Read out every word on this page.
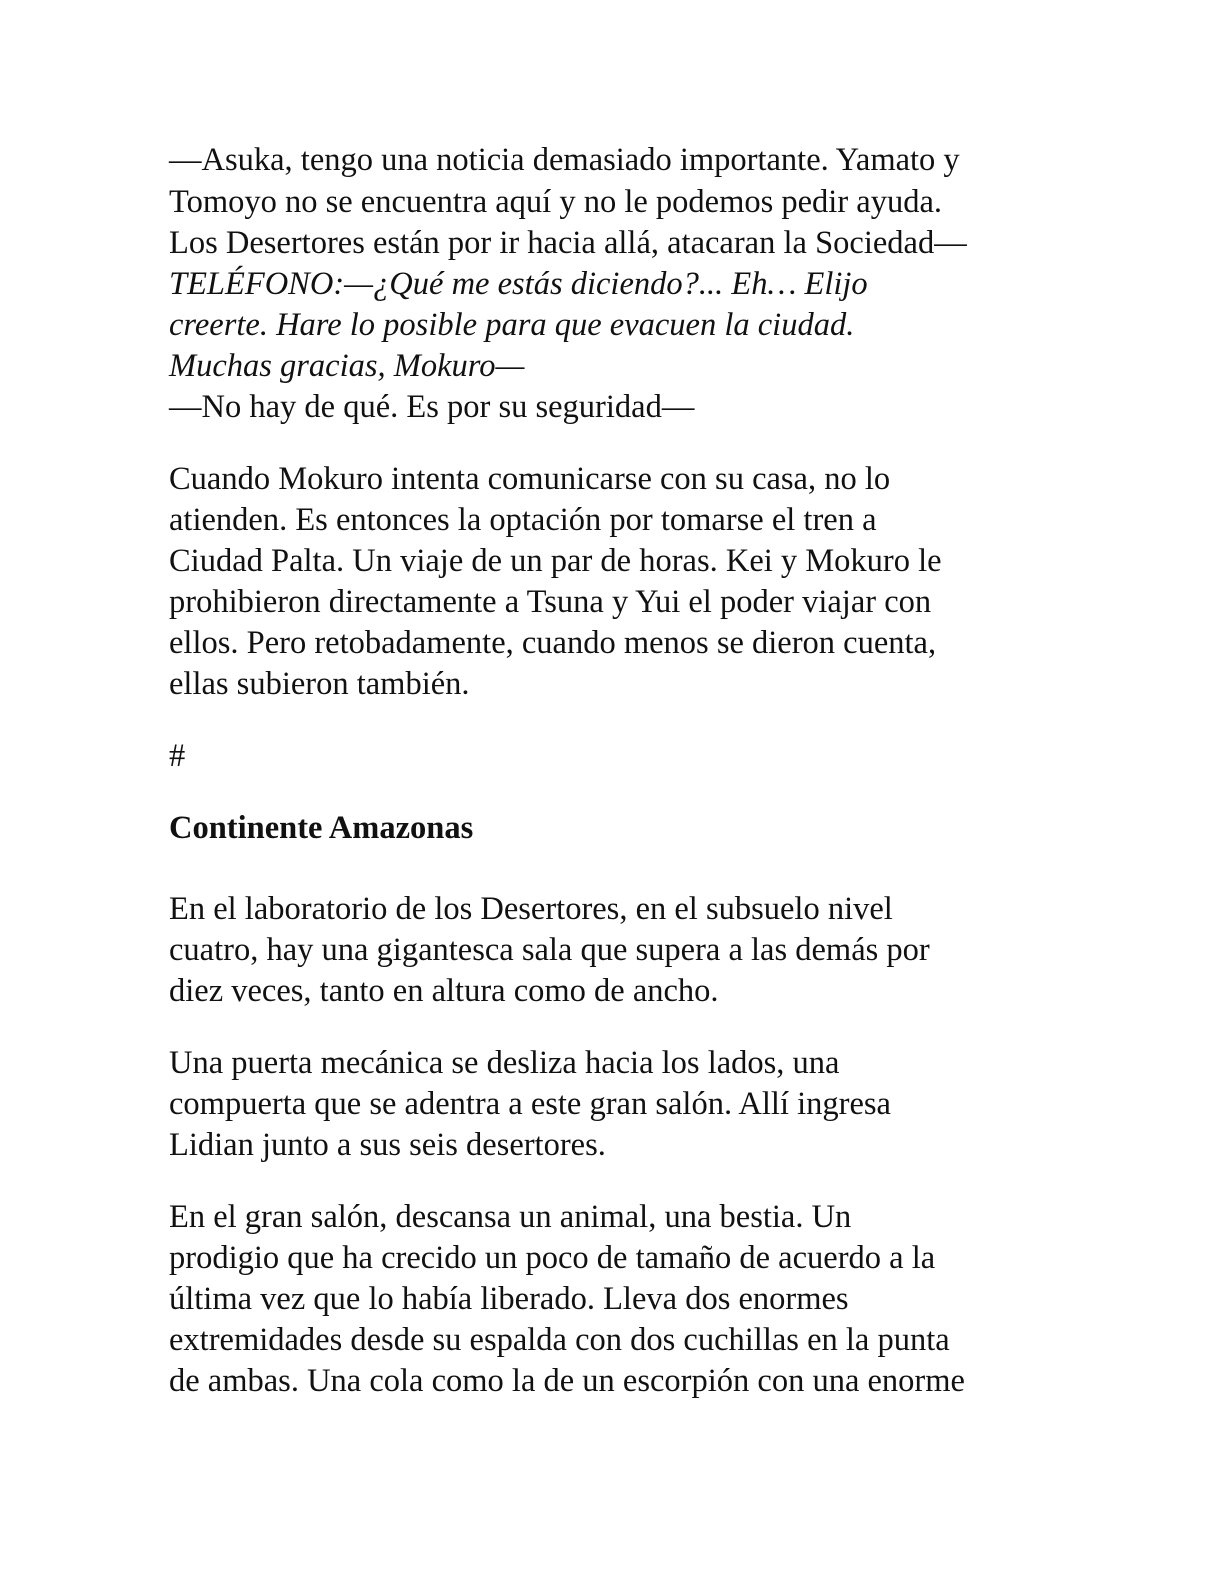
—Asuka, tengo una noticia demasiado importante. Yamato y
Tomoyo no se encuentra aquí y no le podemos pedir ayuda.
Los Desertores están por ir hacia allá, atacaran la Sociedad—
TELÉFONO:—¿Qué me estás diciendo?... Eh… Elijo
creerte. Hare lo posible para que evacuen la ciudad.
Muchas gracias, Mokuro—
—No hay de qué. Es por su seguridad—
Cuando Mokuro intenta comunicarse con su casa, no lo
atienden. Es entonces la optación por tomarse el tren a
Ciudad Palta. Un viaje de un par de horas. Kei y Mokuro le
prohibieron directamente a Tsuna y Yui el poder viajar con
ellos. Pero retobadamente, cuando menos se dieron cuenta,
ellas subieron también.
#
Continente Amazonas
En el laboratorio de los Desertores, en el subsuelo nivel
cuatro, hay una gigantesca sala que supera a las demás por
diez veces, tanto en altura como de ancho.
Una puerta mecánica se desliza hacia los lados, una
compuerta que se adentra a este gran salón. Allí ingresa
Lidian junto a sus seis desertores.
En el gran salón, descansa un animal, una bestia. Un
prodigio que ha crecido un poco de tamaño de acuerdo a la
última vez que lo había liberado. Lleva dos enormes
extremidades desde su espalda con dos cuchillas en la punta
de ambas. Una cola como la de un escorpión con una enorme
